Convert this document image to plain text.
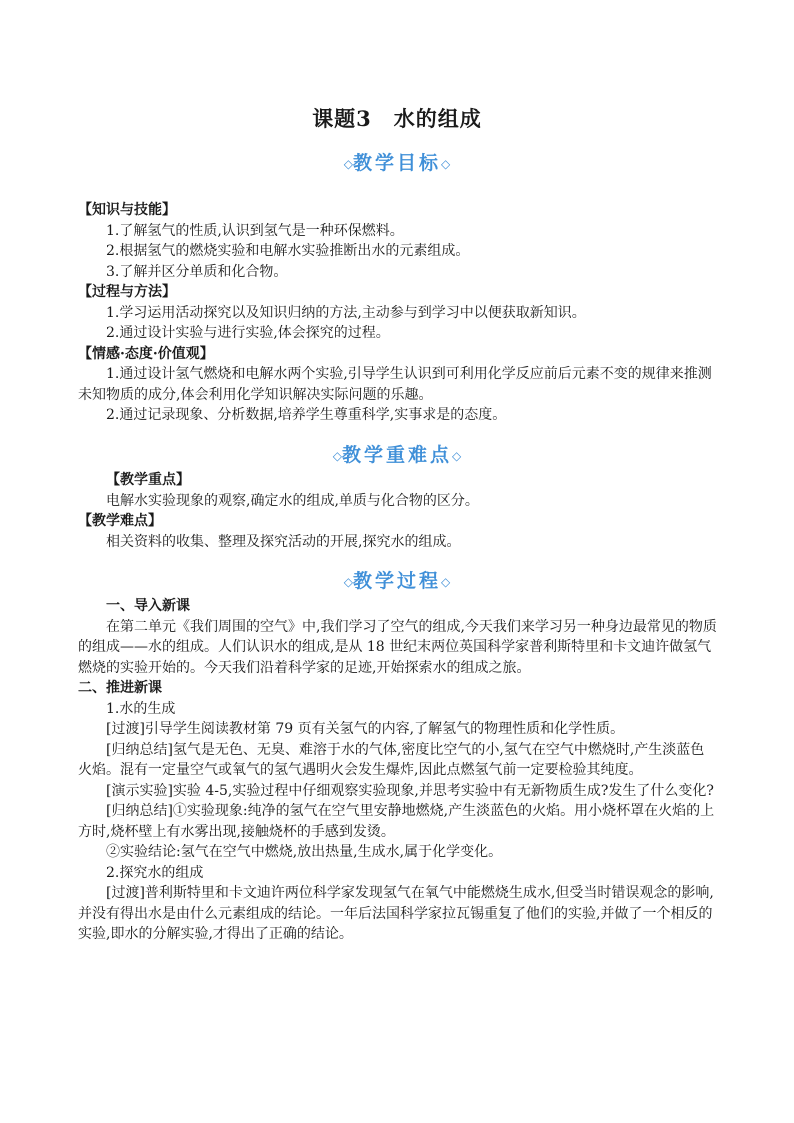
课题3　水的组成
◇教学目标◇

【知识与技能】

1.了解氢气的性质,认识到氢气是一种环保燃料。

2.根据氢气的燃烧实验和电解水实验推断出水的元素组成。

3.了解并区分单质和化合物。

【过程与方法】

1.学习运用活动探究以及知识归纳的方法,主动参与到学习中以便获取新知识。

2.通过设计实验与进行实验,体会探究的过程。

【情感·态度·价值观】

1.通过设计氢气燃烧和电解水两个实验,引导学生认识到可利用化学反应前后元素不变的规律来推测未知物质的成分,体会利用化学知识解决实际问题的乐趣。

2.通过记录现象、分析数据,培养学生尊重科学,实事求是的态度。

◇教学重难点◇

【教学重点】

电解水实验现象的观察,确定水的组成,单质与化合物的区分。

【教学难点】

相关资料的收集、整理及探究活动的开展,探究水的组成。

◇教学过程◇

一、导入新课

在第二单元《我们周围的空气》中,我们学习了空气的组成,今天我们来学习另一种身边最常见的物质的组成——水的组成。人们认识水的组成,是从 18 世纪末两位英国科学家普利斯特里和卡文迪许做氢气燃烧的实验开始的。今天我们沿着科学家的足迹,开始探索水的组成之旅。

二、推进新课

1.水的生成

[过渡]引导学生阅读教材第 79 页有关氢气的内容,了解氢气的物理性质和化学性质。

[归纳总结]氢气是无色、无臭、难溶于水的气体,密度比空气的小,氢气在空气中燃烧时,产生淡蓝色火焰。混有一定量空气或氧气的氢气遇明火会发生爆炸,因此点燃氢气前一定要检验其纯度。

[演示实验]实验 4-5,实验过程中仔细观察实验现象,并思考实验中有无新物质生成?发生了什么变化?

[归纳总结]①实验现象:纯净的氢气在空气里安静地燃烧,产生淡蓝色的火焰。用小烧杯罩在火焰的上方时,烧杯壁上有水雾出现,接触烧杯的手感到发烫。

②实验结论:氢气在空气中燃烧,放出热量,生成水,属于化学变化。

2.探究水的组成

[过渡]普利斯特里和卡文迪许两位科学家发现氢气在氧气中能燃烧生成水,但受当时错误观念的影响,并没有得出水是由什么元素组成的结论。一年后法国科学家拉瓦锡重复了他们的实验,并做了一个相反的实验,即水的分解实验,才得出了正确的结论。
